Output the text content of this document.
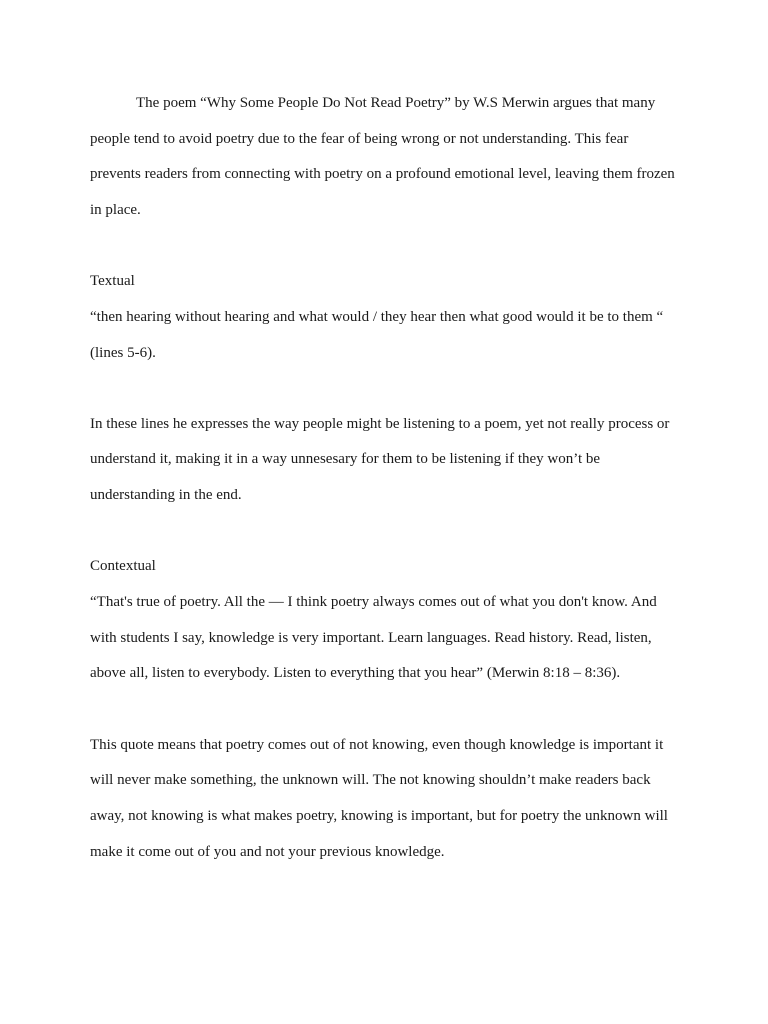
The poem “Why Some People Do Not Read Poetry” by W.S Merwin argues that many

people tend to avoid poetry due to the fear of being wrong or not understanding. This fear

prevents readers from connecting with poetry on a profound emotional level, leaving them frozen

in place.

Textual

“then hearing without hearing and what would / they hear then what good would it be to them “

(lines 5-6).

In these lines he expresses the way people might be listening to a poem, yet not really process or

understand it, making it in a way unnesesary for them to be listening if they won’t be

understanding in the end.

Contextual

“That's true of poetry. All the — I think poetry always comes out of what you don't know. And

with students I say, knowledge is very important. Learn languages. Read history. Read, listen,

above all, listen to everybody. Listen to everything that you hear” (Merwin 8:18 – 8:36).

This quote means that poetry comes out of not knowing, even though knowledge is important it

will never make something, the unknown will. The not knowing shouldn’t make readers back

away, not knowing is what makes poetry, knowing is important, but for poetry the unknown will

make it come out of you and not your previous knowledge.
